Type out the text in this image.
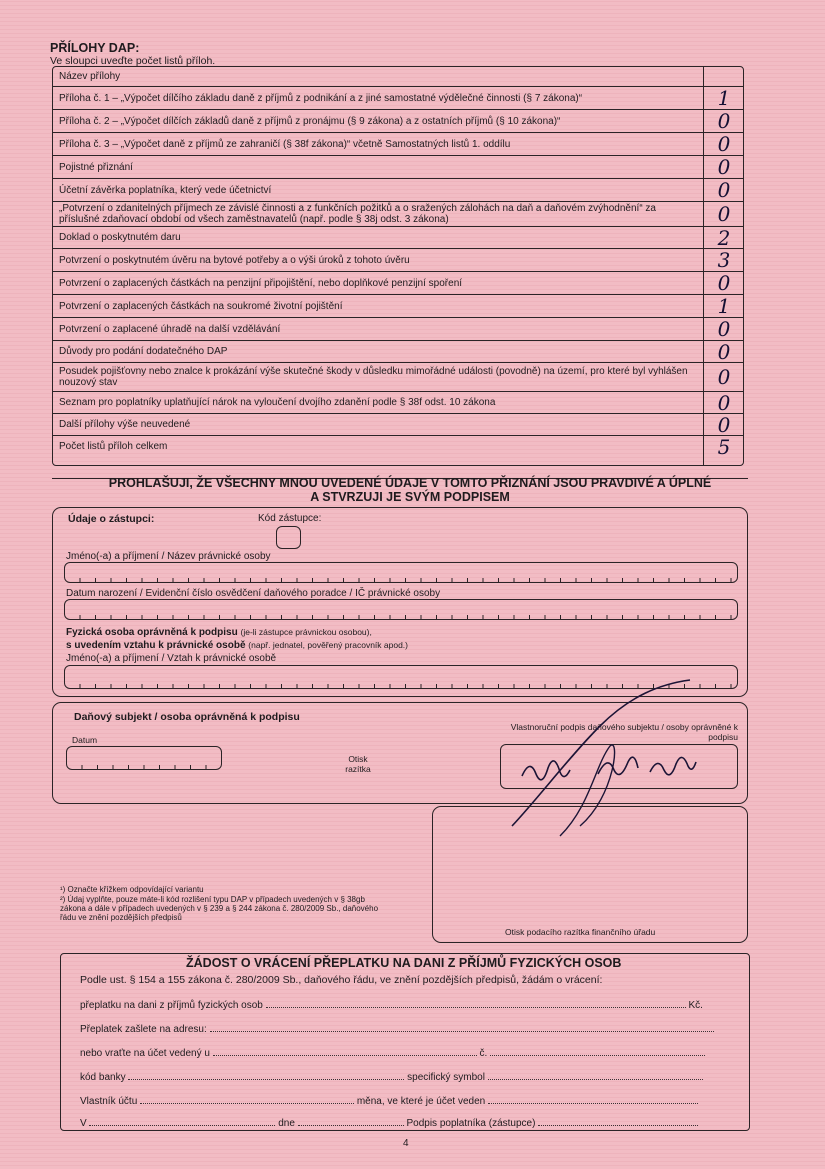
PŘÍLOHY DAP:
Ve sloupci uveďte počet listů příloh.
Název přílohy
Příloha č. 1 – „Výpočet dílčího základu daně z příjmů z podnikání a z jiné samostatné výdělečné činnosti (§ 7 zákona)“	1
Příloha č. 2 – „Výpočet dílčích základů daně z příjmů z pronájmu (§ 9 zákona) a z ostatních příjmů (§ 10 zákona)“	0
Příloha č. 3 – „Výpočet daně z příjmů ze zahraničí (§ 38f zákona)“ včetně Samostatných listů 1. oddílu	0
Pojistné přiznání	0
Účetní závěrka poplatníka, který vede účetnictví	0
„Potvrzení o zdanitelných příjmech ze závislé činnosti a z funkčních požitků a o sražených zálohách na daň a daňovém zvýhodnění“ za příslušné zdaňovací období od všech zaměstnavatelů (např. podle § 38j odst. 3 zákona)	0
Doklad o poskytnutém daru	2
Potvrzení o poskytnutém úvěru na bytové potřeby a o výši úroků z tohoto úvěru	3
Potvrzení o zaplacených částkách na penzijní připojištění, nebo doplňkové penzijní spoření	0
Potvrzení o zaplacených částkách na soukromé životní pojištění	1
Potvrzení o zaplacené úhradě na další vzdělávání	0
Důvody pro podání dodatečného DAP	0
Posudek pojišťovny nebo znalce k prokázání výše skutečné škody v důsledku mimořádné události (povodně) na území, pro které byl vyhlášen nouzový stav	0
Seznam pro poplatníky uplatňující nárok na vyloučení dvojího zdanění podle § 38f odst. 10 zákona	0
Další přílohy výše neuvedené	0
Počet listů příloh celkem	5
PROHLAŠUJI, ŽE VŠECHNY MNOU UVEDENÉ ÚDAJE V TOMTO PŘIZNÁNÍ JSOU PRAVDIVÉ A ÚPLNÉ
A STVRZUJI JE SVÝM PODPISEM
Údaje o zástupci:	Kód zástupce:
Jméno(-a) a příjmení / Název právnické osoby
Datum narození / Evidenční číslo osvědčení daňového poradce / IČ právnické osoby
Fyzická osoba oprávněná k podpisu (je-li zástupce právnickou osobou),
s uvedením vztahu k právnické osobě (např. jednatel, pověřený pracovník apod.)
Jméno(-a) a příjmení / Vztah k právnické osobě
Daňový subjekt / osoba oprávněná k podpisu
Datum
Otisk razítka
Vlastnoruční podpis daňového subjektu / osoby oprávněné k podpisu
¹) Označte křížkem odpovídající variantu
²) Údaj vyplňte, pouze máte-li kód rozlišení typu DAP v případech uvedených v § 38gb zákona a dále v případech uvedených v § 239 a § 244 zákona č. 280/2009 Sb., daňového řádu ve znění pozdějších předpisů
Otisk podacího razítka finančního úřadu
ŽÁDOST O VRÁCENÍ PŘEPLATKU NA DANI Z PŘÍJMŮ FYZICKÝCH OSOB
Podle ust. § 154 a 155 zákona č. 280/2009 Sb., daňového řádu, ve znění pozdějších předpisů, žádám o vrácení:
přeplatku na dani z příjmů fyzických osob	Kč.
Přeplatek zašlete na adresu:
nebo vraťte na účet vedený u	č.
kód banky	specifický symbol
Vlastník účtu	měna, ve které je účet veden
V	dne	Podpis poplatníka (zástupce)
4
